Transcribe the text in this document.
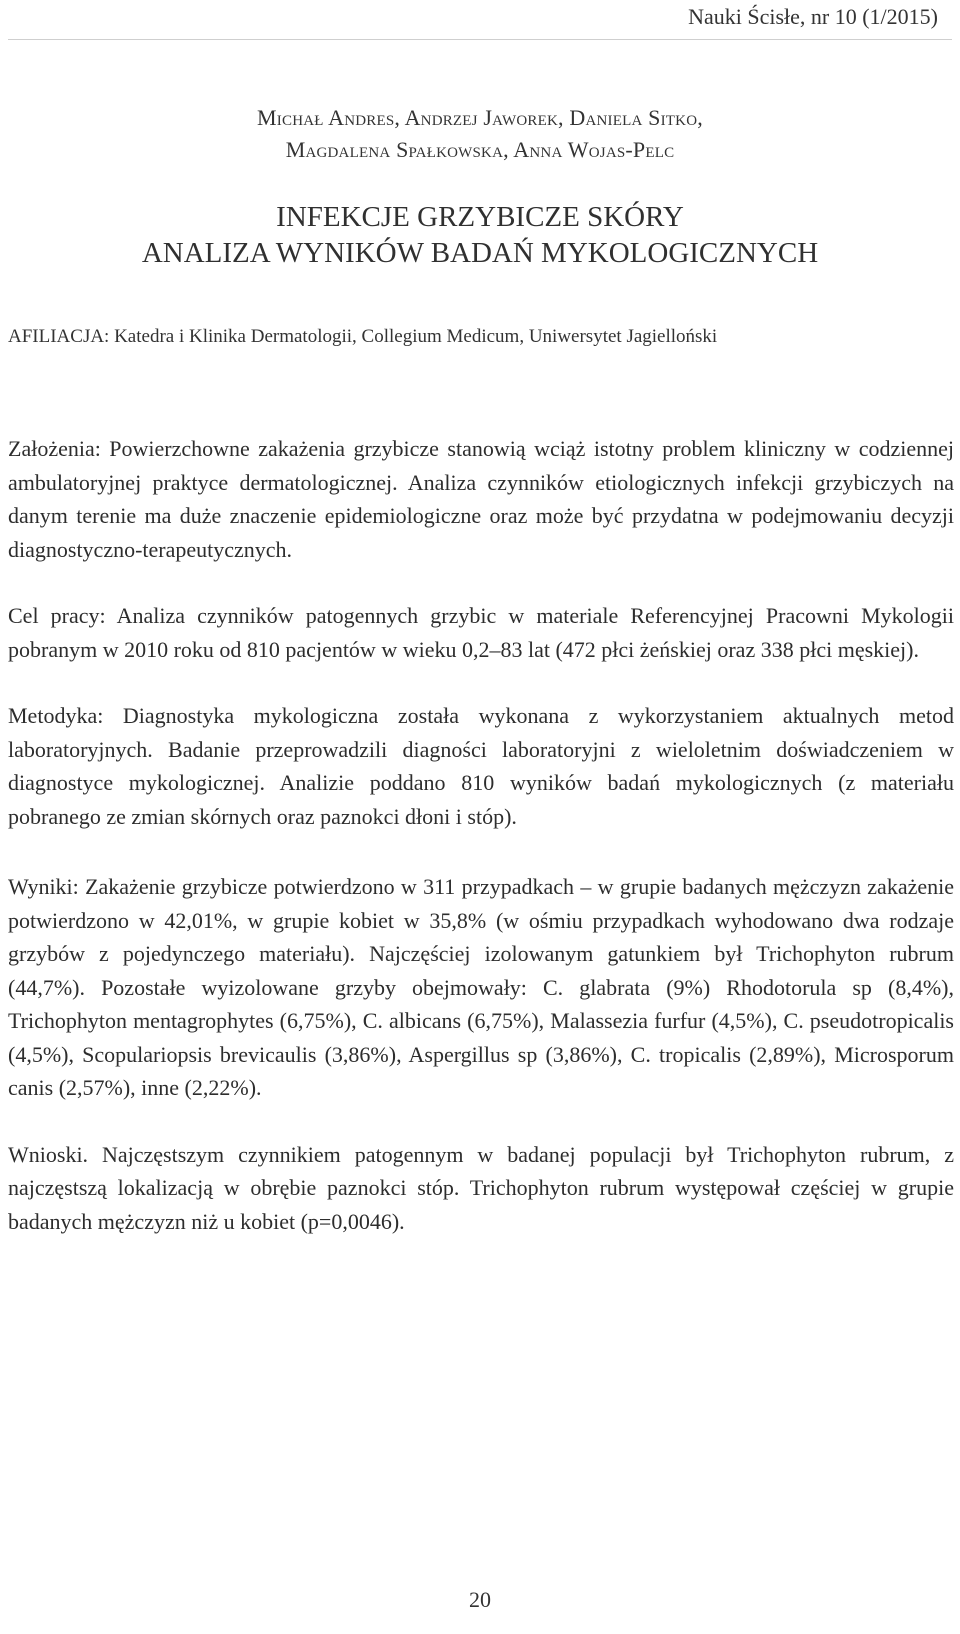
Nauki Ścisłe, nr 10 (1/2015)
Michał Andres, Andrzej Jaworek, Daniela Sitko,
Magdalena Spałkowska, Anna Wojas-Pelc
INFEKCJE GRZYBICZE SKÓRY
ANALIZA WYNIKÓW BADAŃ MYKOLOGICZNYCH
AFILIACJA: Katedra i Klinika Dermatologii, Collegium Medicum, Uniwersytet Jagielloński

Założenia: Powierzchowne zakażenia grzybicze stanowią wciąż istotny problem kliniczny w codziennej ambulatoryjnej praktyce dermatologicznej. Analiza czynników etiologicznych infekcji grzybiczych na danym terenie ma duże znaczenie epidemiologiczne oraz może być przydatna w podejmowaniu decyzji diagnostyczno-terapeutycznych.

Cel pracy: Analiza czynników patogennych grzybic w materiale Referencyjnej Pracowni Mykologii pobranym w 2010 roku od 810 pacjentów w wieku 0,2–83 lat (472 płci żeńskiej oraz 338 płci męskiej).

Metodyka: Diagnostyka mykologiczna została wykonana z wykorzystaniem aktualnych metod laboratoryjnych. Badanie przeprowadzili diagności laboratoryjni z wieloletnim doświadczeniem w diagnostyce mykologicznej. Analizie poddano 810 wyników badań mykologicznych (z materiału pobranego ze zmian skórnych oraz paznokci dłoni i stóp).

Wyniki: Zakażenie grzybicze potwierdzono w 311 przypadkach – w grupie badanych mężczyzn zakażenie potwierdzono w 42,01%, w grupie kobiet w 35,8% (w ośmiu przypadkach wyhodowano dwa rodzaje grzybów z pojedynczego materiału). Najczęściej izolowanym gatunkiem był Trichophyton rubrum (44,7%). Pozostałe wyizolowane grzyby obejmowały: C. glabrata (9%) Rhodotorula sp (8,4%), Trichophyton mentagrophytes (6,75%), C. albicans (6,75%), Malassezia furfur (4,5%), C. pseudotropicalis (4,5%), Scopulariopsis brevicaulis (3,86%), Aspergillus sp (3,86%), C. tropicalis (2,89%), Microsporum canis (2,57%), inne (2,22%).

Wnioski. Najczęstszym czynnikiem patogennym w badanej populacji był Trichophyton rubrum, z najczęstszą lokalizacją w obrębie paznokci stóp. Trichophyton rubrum występował częściej w grupie badanych mężczyzn niż u kobiet (p=0,0046).

20
